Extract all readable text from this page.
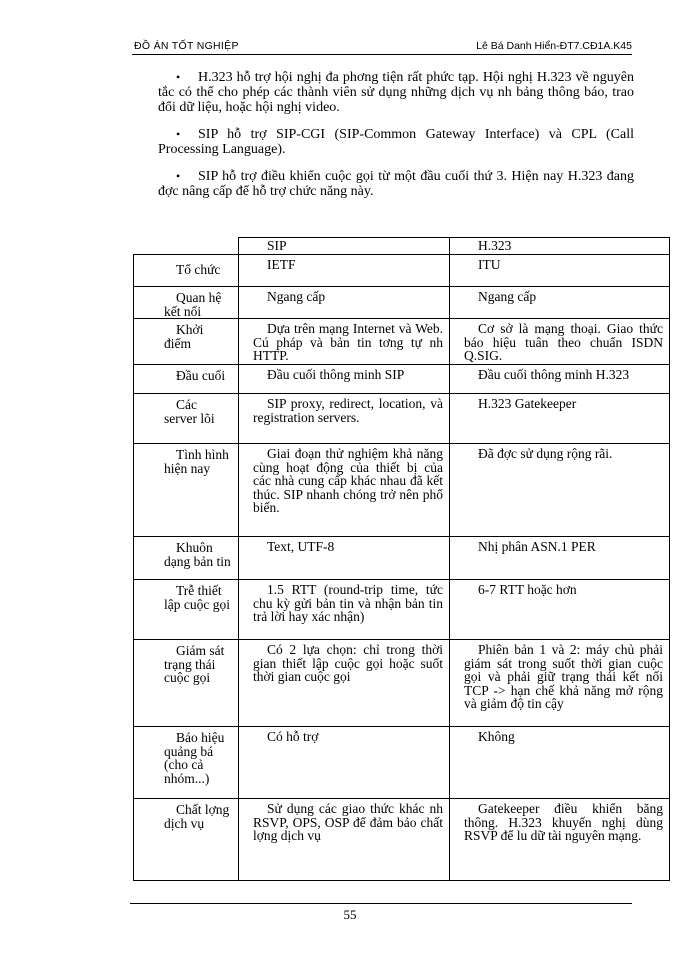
ĐỒ ÁN TỐT NGHIỆP	Lê Bá Danh Hiển-ĐT7.CĐ1A.K45
• H.323 hỗ trợ hội nghị đa phơng tiện rất phức tạp. Hội nghị H.323 về nguyên tắc có thể cho phép các thành viên sử dụng những dịch vụ nh bảng thông báo, trao đổi dữ liệu, hoặc hội nghị video.
• SIP hỗ trợ SIP-CGI (SIP-Common Gateway Interface) và CPL (Call Processing Language).
• SIP hỗ trợ điều khiển cuộc gọi từ một đầu cuối thứ 3. Hiện nay H.323 đang đợc nâng cấp để hỗ trợ chức năng này.

	SIP	H.323

Tổ chức	IETF	ITU

Quan hệ kết nối	Ngang cấp	Ngang cấp

Khởi điểm	Dựa trên mạng Internet và Web. Cú pháp và bản tin tơng tự nh HTTP.	Cơ sở là mạng thoại. Giao thức báo hiệu tuân theo chuẩn ISDN Q.SIG.

Đầu cuối	Đầu cuối thông minh SIP	Đầu cuối thông minh H.323

Các server lõi	SIP proxy, redirect, location, và registration servers.	H.323 Gatekeeper

Tình hình hiện nay	Giai đoạn thử nghiệm khả năng cùng hoạt động của thiết bị của các nhà cung cấp khác nhau đã kết thúc. SIP nhanh chóng trở nên phổ biến.	Đã đợc sử dụng rộng rãi.

Khuôn dạng bản tin	Text, UTF-8	Nhị phân ASN.1 PER

Trễ thiết lập cuộc gọi	1.5 RTT (round-trip time, tức chu kỳ gửi bản tin và nhận bản tin trả lời hay xác nhận)	6-7 RTT hoặc hơn

Giám sát trạng thái cuộc gọi	Có 2 lựa chọn: chỉ trong thời gian thiết lập cuộc gọi hoặc suốt thời gian cuộc gọi	Phiên bản 1 và 2: máy chủ phải giám sát trong suốt thời gian cuộc gọi và phải giữ trạng thái kết nối TCP -> hạn chế khả năng mở rộng và giảm độ tin cậy

Báo hiệu quảng bá (cho cả nhóm...)	Có hỗ trợ	Không

Chất lợng dịch vụ	Sử dụng các giao thức khác nh RSVP, OPS, OSP để đảm bảo chất lợng dịch vụ	Gatekeeper điều khiển băng thông. H.323 khuyến nghị dùng RSVP để lu dữ tài nguyên mạng.
55
